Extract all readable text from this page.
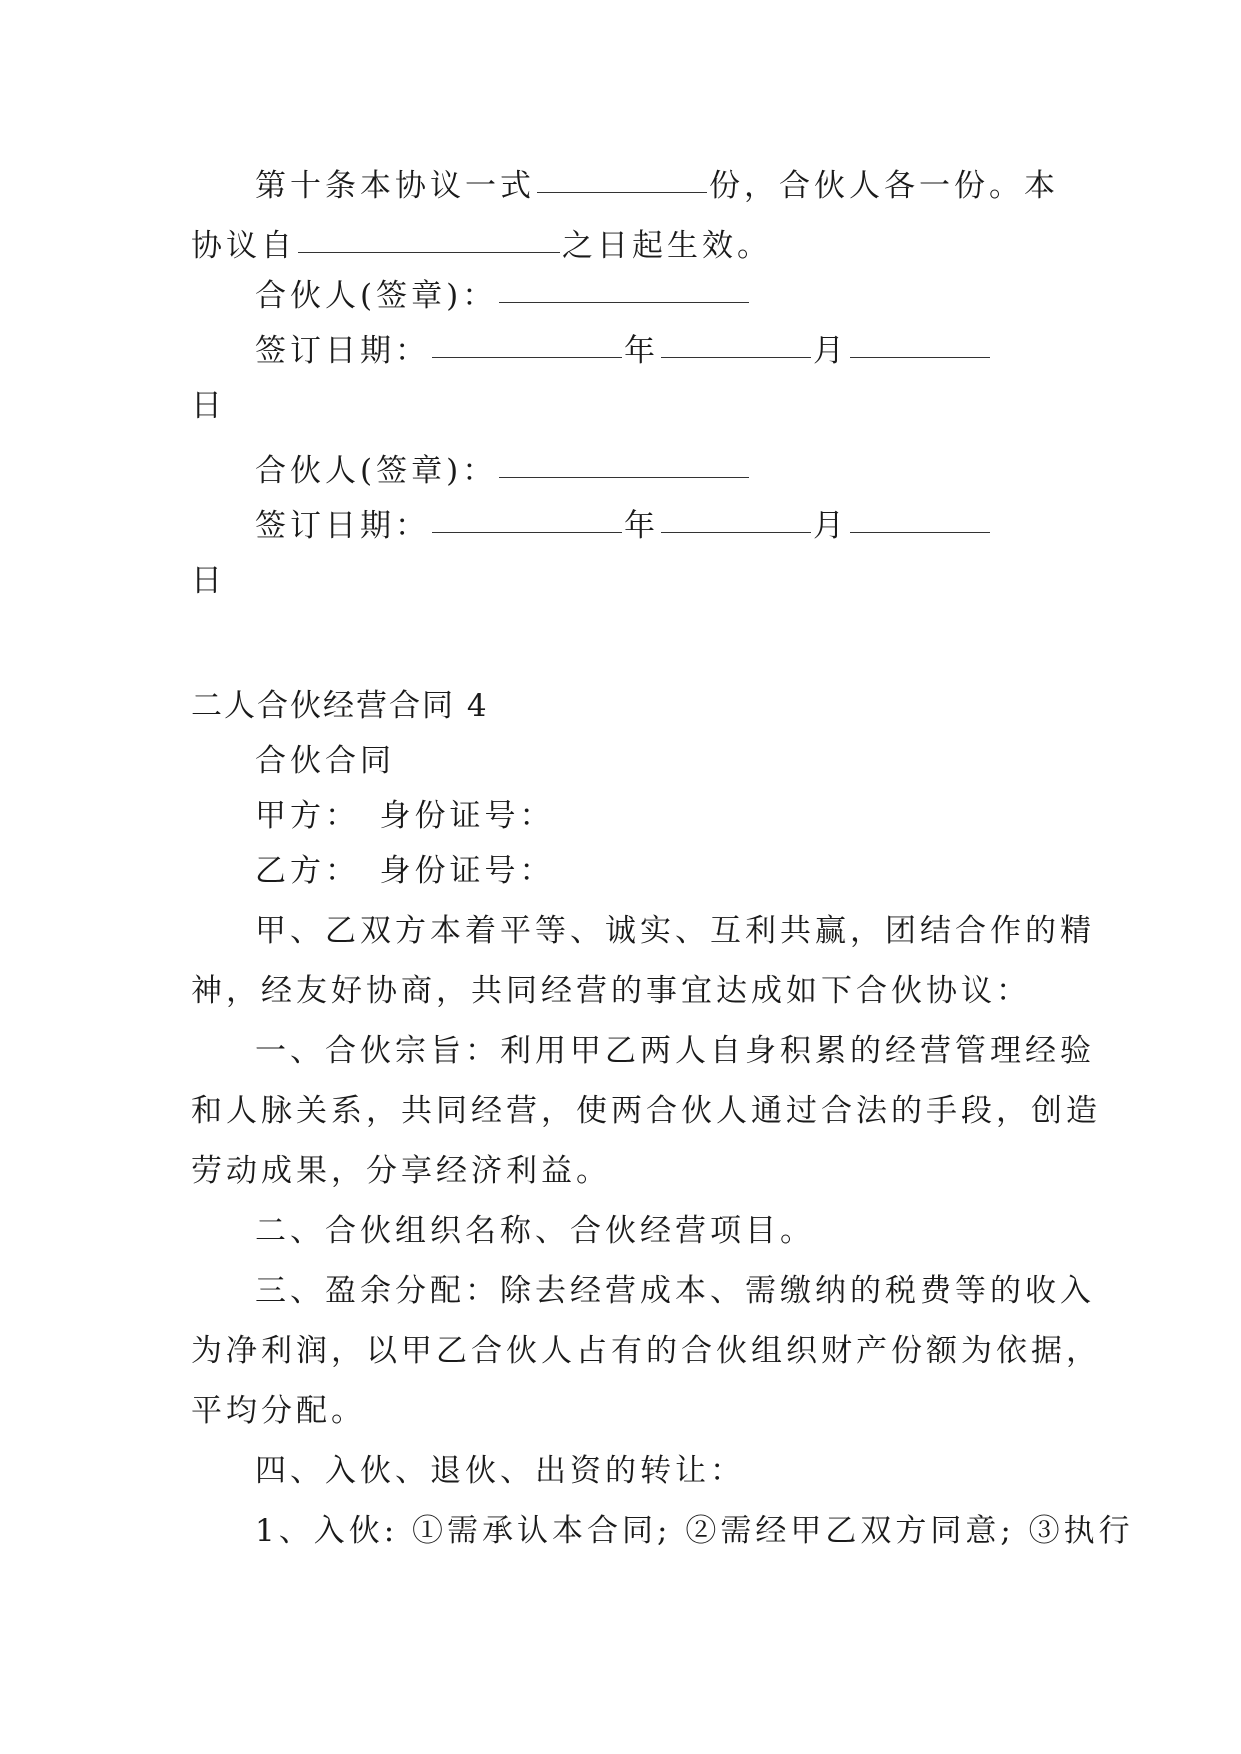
第十条本协议一式	份，合伙人各一份。本
协议自	之日起生效。
合伙人(签章)：
签订日期：	年	月
日
合伙人(签章)：
签订日期：	年	月
日
二人合伙经营合同 4
合伙合同
甲方：　身份证号：
乙方：　身份证号：
甲、乙双方本着平等、诚实、互利共赢，团结合作的精
神，经友好协商，共同经营的事宜达成如下合伙协议：
一、合伙宗旨：利用甲乙两人自身积累的经营管理经验
和人脉关系，共同经营，使两合伙人通过合法的手段，创造
劳动成果，分享经济利益。
二、合伙组织名称、合伙经营项目。
三、盈余分配：除去经营成本、需缴纳的税费等的收入
为净利润，以甲乙合伙人占有的合伙组织财产份额为依据，
平均分配。
四、入伙、退伙、出资的转让：
1、入伙: ①需承认本合同; ②需经甲乙双方同意; ③执行
